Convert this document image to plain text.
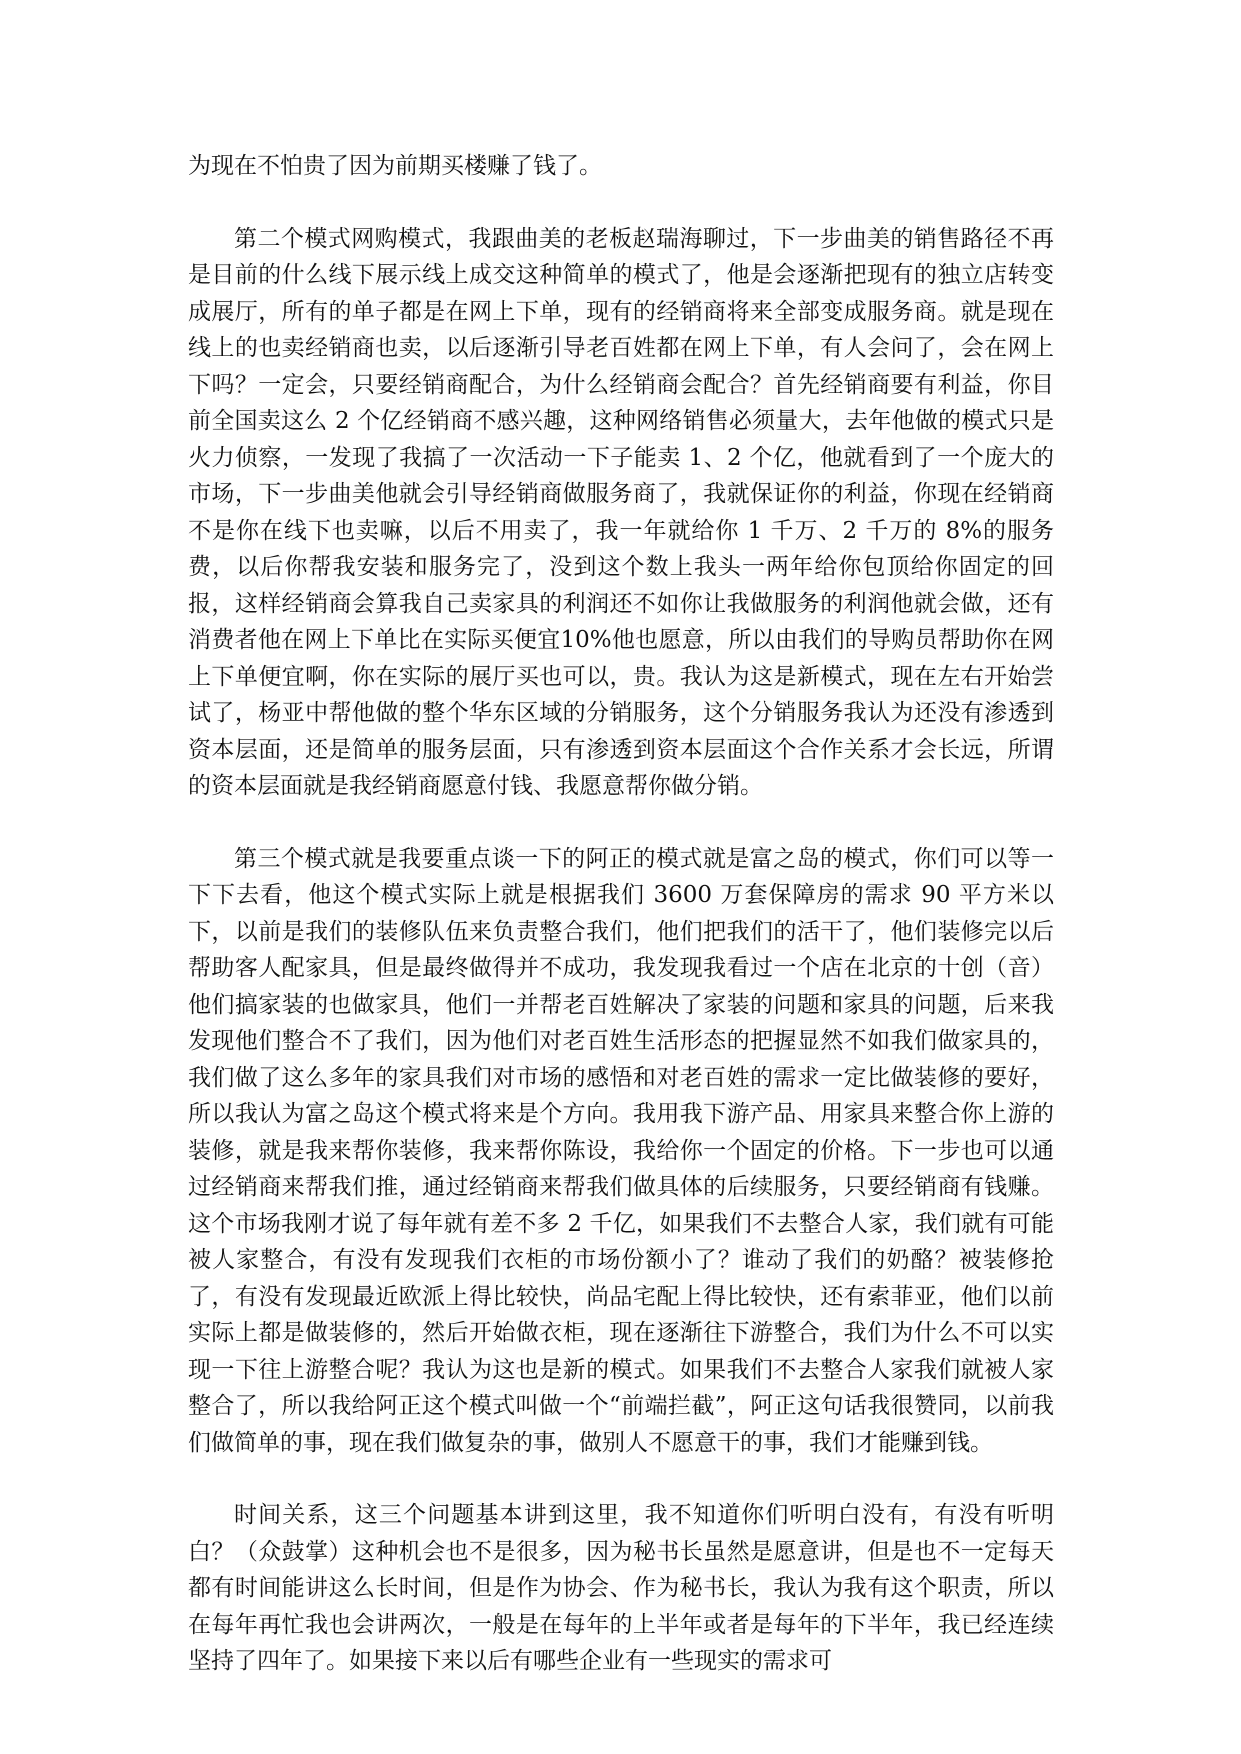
为现在不怕贵了因为前期买楼赚了钱了。

第二个模式网购模式，我跟曲美的老板赵瑞海聊过，下一步曲美的销售路径不再是目前的什么线下展示线上成交这种简单的模式了，他是会逐渐把现有的独立店转变成展厅，所有的单子都是在网上下单，现有的经销商将来全部变成服务商。就是现在线上的也卖经销商也卖，以后逐渐引导老百姓都在网上下单，有人会问了，会在网上下吗？一定会，只要经销商配合，为什么经销商会配合？首先经销商要有利益，你目前全国卖这么 2 个亿经销商不感兴趣，这种网络销售必须量大，去年他做的模式只是火力侦察，一发现了我搞了一次活动一下子能卖 1、2 个亿，他就看到了一个庞大的市场，下一步曲美他就会引导经销商做服务商了，我就保证你的利益，你现在经销商不是你在线下也卖嘛，以后不用卖了，我一年就给你 1 千万、2 千万的 8%的服务费，以后你帮我安装和服务完了，没到这个数上我头一两年给你包顶给你固定的回报，这样经销商会算我自己卖家具的利润还不如你让我做服务的利润他就会做，还有消费者他在网上下单比在实际买便宜10%他也愿意，所以由我们的导购员帮助你在网上下单便宜啊，你在实际的展厅买也可以，贵。我认为这是新模式，现在左右开始尝试了，杨亚中帮他做的整个华东区域的分销服务，这个分销服务我认为还没有渗透到资本层面，还是简单的服务层面，只有渗透到资本层面这个合作关系才会长远，所谓的资本层面就是我经销商愿意付钱、我愿意帮你做分销。

第三个模式就是我要重点谈一下的阿正的模式就是富之岛的模式，你们可以等一下下去看，他这个模式实际上就是根据我们 3600 万套保障房的需求 90 平方米以下，以前是我们的装修队伍来负责整合我们，他们把我们的活干了，他们装修完以后帮助客人配家具，但是最终做得并不成功，我发现我看过一个店在北京的十创（音）他们搞家装的也做家具，他们一并帮老百姓解决了家装的问题和家具的问题，后来我发现他们整合不了我们，因为他们对老百姓生活形态的把握显然不如我们做家具的，我们做了这么多年的家具我们对市场的感悟和对老百姓的需求一定比做装修的要好，所以我认为富之岛这个模式将来是个方向。我用我下游产品、用家具来整合你上游的装修，就是我来帮你装修，我来帮你陈设，我给你一个固定的价格。下一步也可以通过经销商来帮我们推，通过经销商来帮我们做具体的后续服务，只要经销商有钱赚。这个市场我刚才说了每年就有差不多 2 千亿，如果我们不去整合人家，我们就有可能被人家整合，有没有发现我们衣柜的市场份额小了？谁动了我们的奶酪？被装修抢了，有没有发现最近欧派上得比较快，尚品宅配上得比较快，还有索菲亚，他们以前实际上都是做装修的，然后开始做衣柜，现在逐渐往下游整合，我们为什么不可以实现一下往上游整合呢？我认为这也是新的模式。如果我们不去整合人家我们就被人家整合了，所以我给阿正这个模式叫做一个“前端拦截”，阿正这句话我很赞同，以前我们做简单的事，现在我们做复杂的事，做别人不愿意干的事，我们才能赚到钱。

时间关系，这三个问题基本讲到这里，我不知道你们听明白没有，有没有听明白？（众鼓掌）这种机会也不是很多，因为秘书长虽然是愿意讲，但是也不一定每天都有时间能讲这么长时间，但是作为协会、作为秘书长，我认为我有这个职责，所以在每年再忙我也会讲两次，一般是在每年的上半年或者是每年的下半年，我已经连续坚持了四年了。如果接下来以后有哪些企业有一些现实的需求可
